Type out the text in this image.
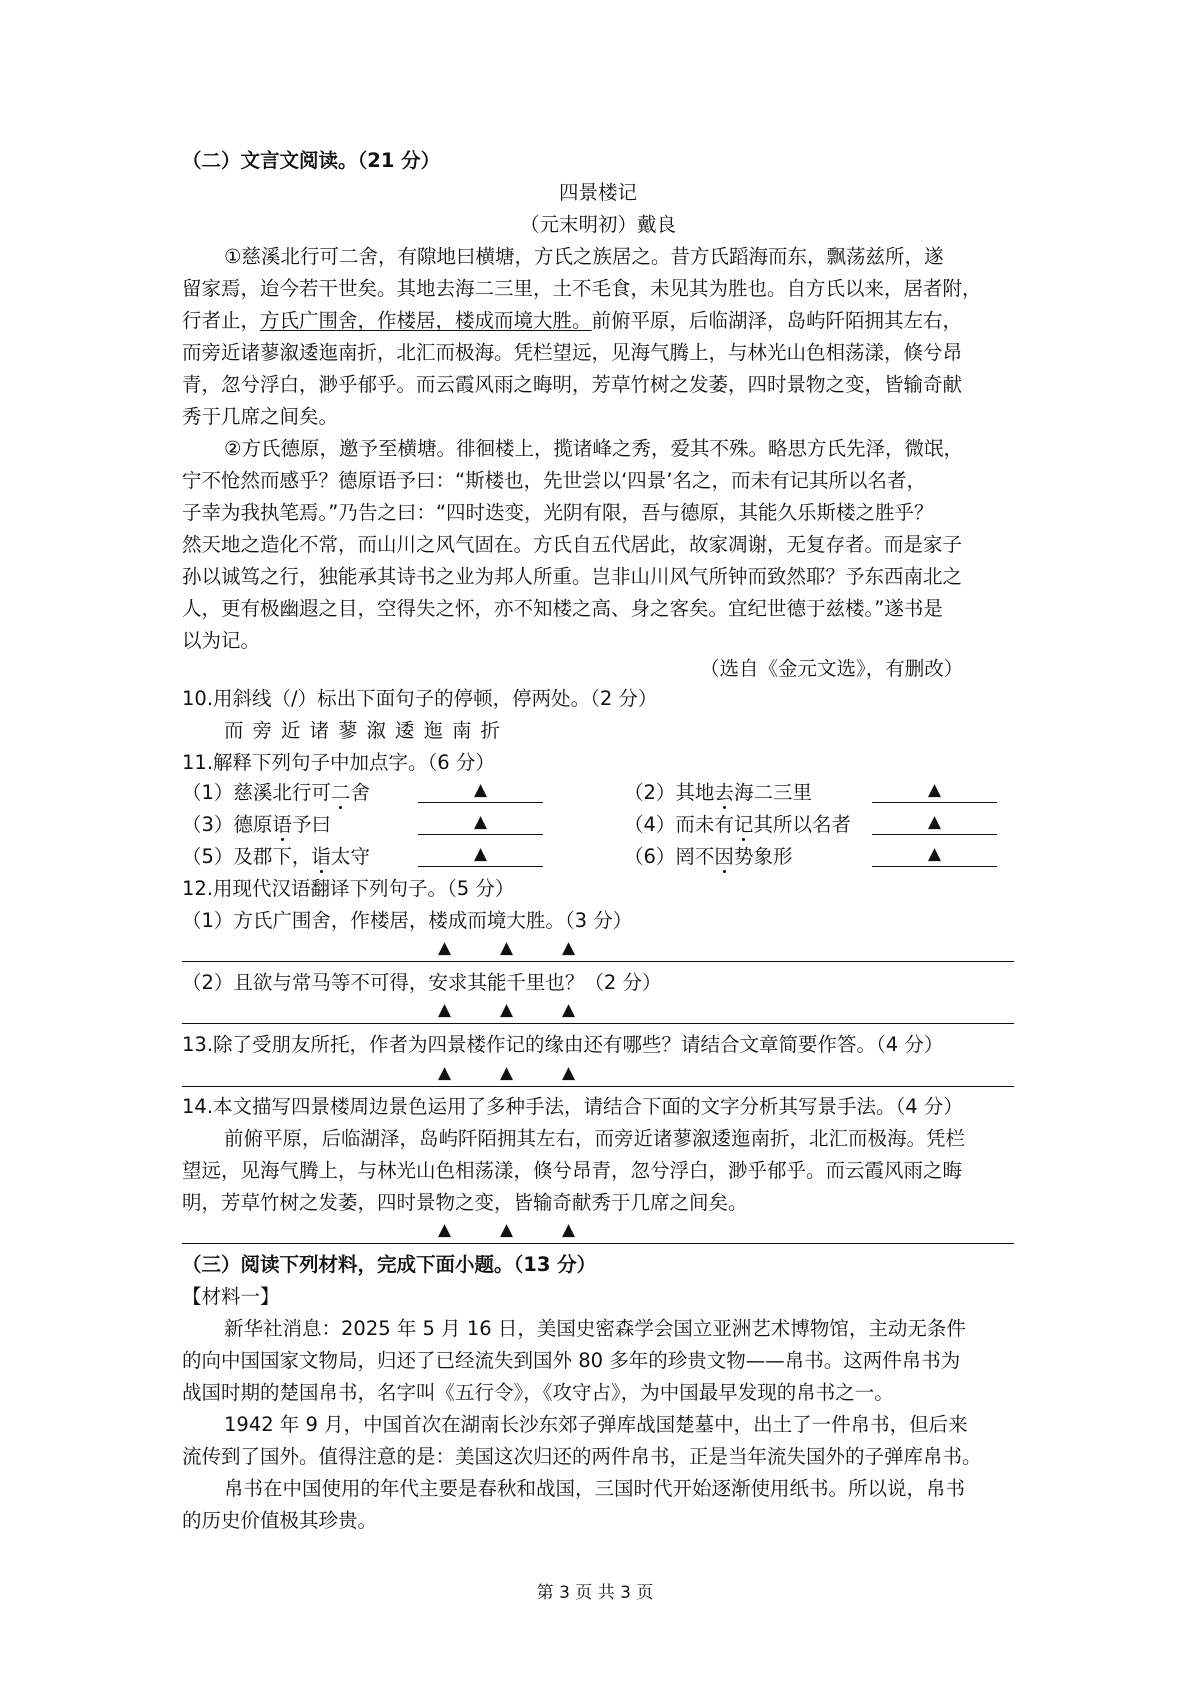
（二）文言文阅读。（21 分）
四景楼记
（元末明初）戴良
①慈溪北行可二舍，有隙地曰横塘，方氏之族居之。昔方氏蹈海而东，飘荡兹所，遂
留家焉，迨今若干世矣。其地去海二三里，土不毛食，未见其为胜也。自方氏以来，居者附，
行者止，方氏广围舍，作楼居，楼成而境大胜。前俯平原，后临湖泽，岛屿阡陌拥其左右，
而旁近诸蓼溆逶迤南折，北汇而极海。凭栏望远，见海气腾上，与林光山色相荡漾，倏兮昂
青，忽兮浮白，渺乎郁乎。而云霞风雨之晦明，芳草竹树之发萎，四时景物之变，皆输奇献
秀于几席之间矣。
②方氏德原，邀予至横塘。徘徊楼上，揽诸峰之秀，爱其不殊。略思方氏先泽，微氓，
宁不怆然而感乎？德原语予曰：“斯楼也，先世尝以‘四景’名之，而未有记其所以名者，
子幸为我执笔焉。”乃告之曰：“四时迭变，光阴有限，吾与德原，其能久乐斯楼之胜乎？
然天地之造化不常，而山川之风气固在。方氏自五代居此，故家凋谢，无复存者。而是家子
孙以诚笃之行，独能承其诗书之业为邦人所重。岂非山川风气所钟而致然耶？予东西南北之
人，更有极幽遐之目，空得失之怀，亦不知楼之高、身之客矣。宜纪世德于兹楼。”遂书是
以为记。
（选自《金元文选》，有删改）
10.用斜线（/）标出下面句子的停顿，停两处。（2 分）
而旁近诸蓼溆逶迤南折
11.解释下列句子中加点字。（6 分）
（1）慈溪北行可二舍	▲	（2）其地去海二三里	▲
（3）德原语予曰	▲	（4）而未有记其所以名者	▲
（5）及郡下，诣太守	▲	（6）罔不因势象形	▲
12.用现代汉语翻译下列句子。（5 分）
（1）方氏广围舍，作楼居，楼成而境大胜。（3 分）
▲	▲	▲
（2）且欲与常马等不可得，安求其能千里也？（2 分）
▲	▲	▲
13.除了受朋友所托，作者为四景楼作记的缘由还有哪些？请结合文章简要作答。（4 分）
▲	▲	▲
14.本文描写四景楼周边景色运用了多种手法，请结合下面的文字分析其写景手法。（4 分）
前俯平原，后临湖泽，岛屿阡陌拥其左右，而旁近诸蓼溆逶迤南折，北汇而极海。凭栏
望远，见海气腾上，与林光山色相荡漾，倏兮昂青，忽兮浮白，渺乎郁乎。而云霞风雨之晦
明，芳草竹树之发萎，四时景物之变，皆输奇献秀于几席之间矣。
▲	▲	▲
（三）阅读下列材料，完成下面小题。（13 分）
【材料一】
新华社消息：2025 年 5 月 16 日，美国史密森学会国立亚洲艺术博物馆，主动无条件
的向中国国家文物局，归还了已经流失到国外 80 多年的珍贵文物——帛书。这两件帛书为
战国时期的楚国帛书，名字叫《五行令》，《攻守占》，为中国最早发现的帛书之一。
1942 年 9 月，中国首次在湖南长沙东郊子弹库战国楚墓中，出土了一件帛书，但后来
流传到了国外。值得注意的是：美国这次归还的两件帛书，正是当年流失国外的子弹库帛书。
帛书在中国使用的年代主要是春秋和战国，三国时代开始逐渐使用纸书。所以说，帛书
的历史价值极其珍贵。
第 3 页 共 3 页
